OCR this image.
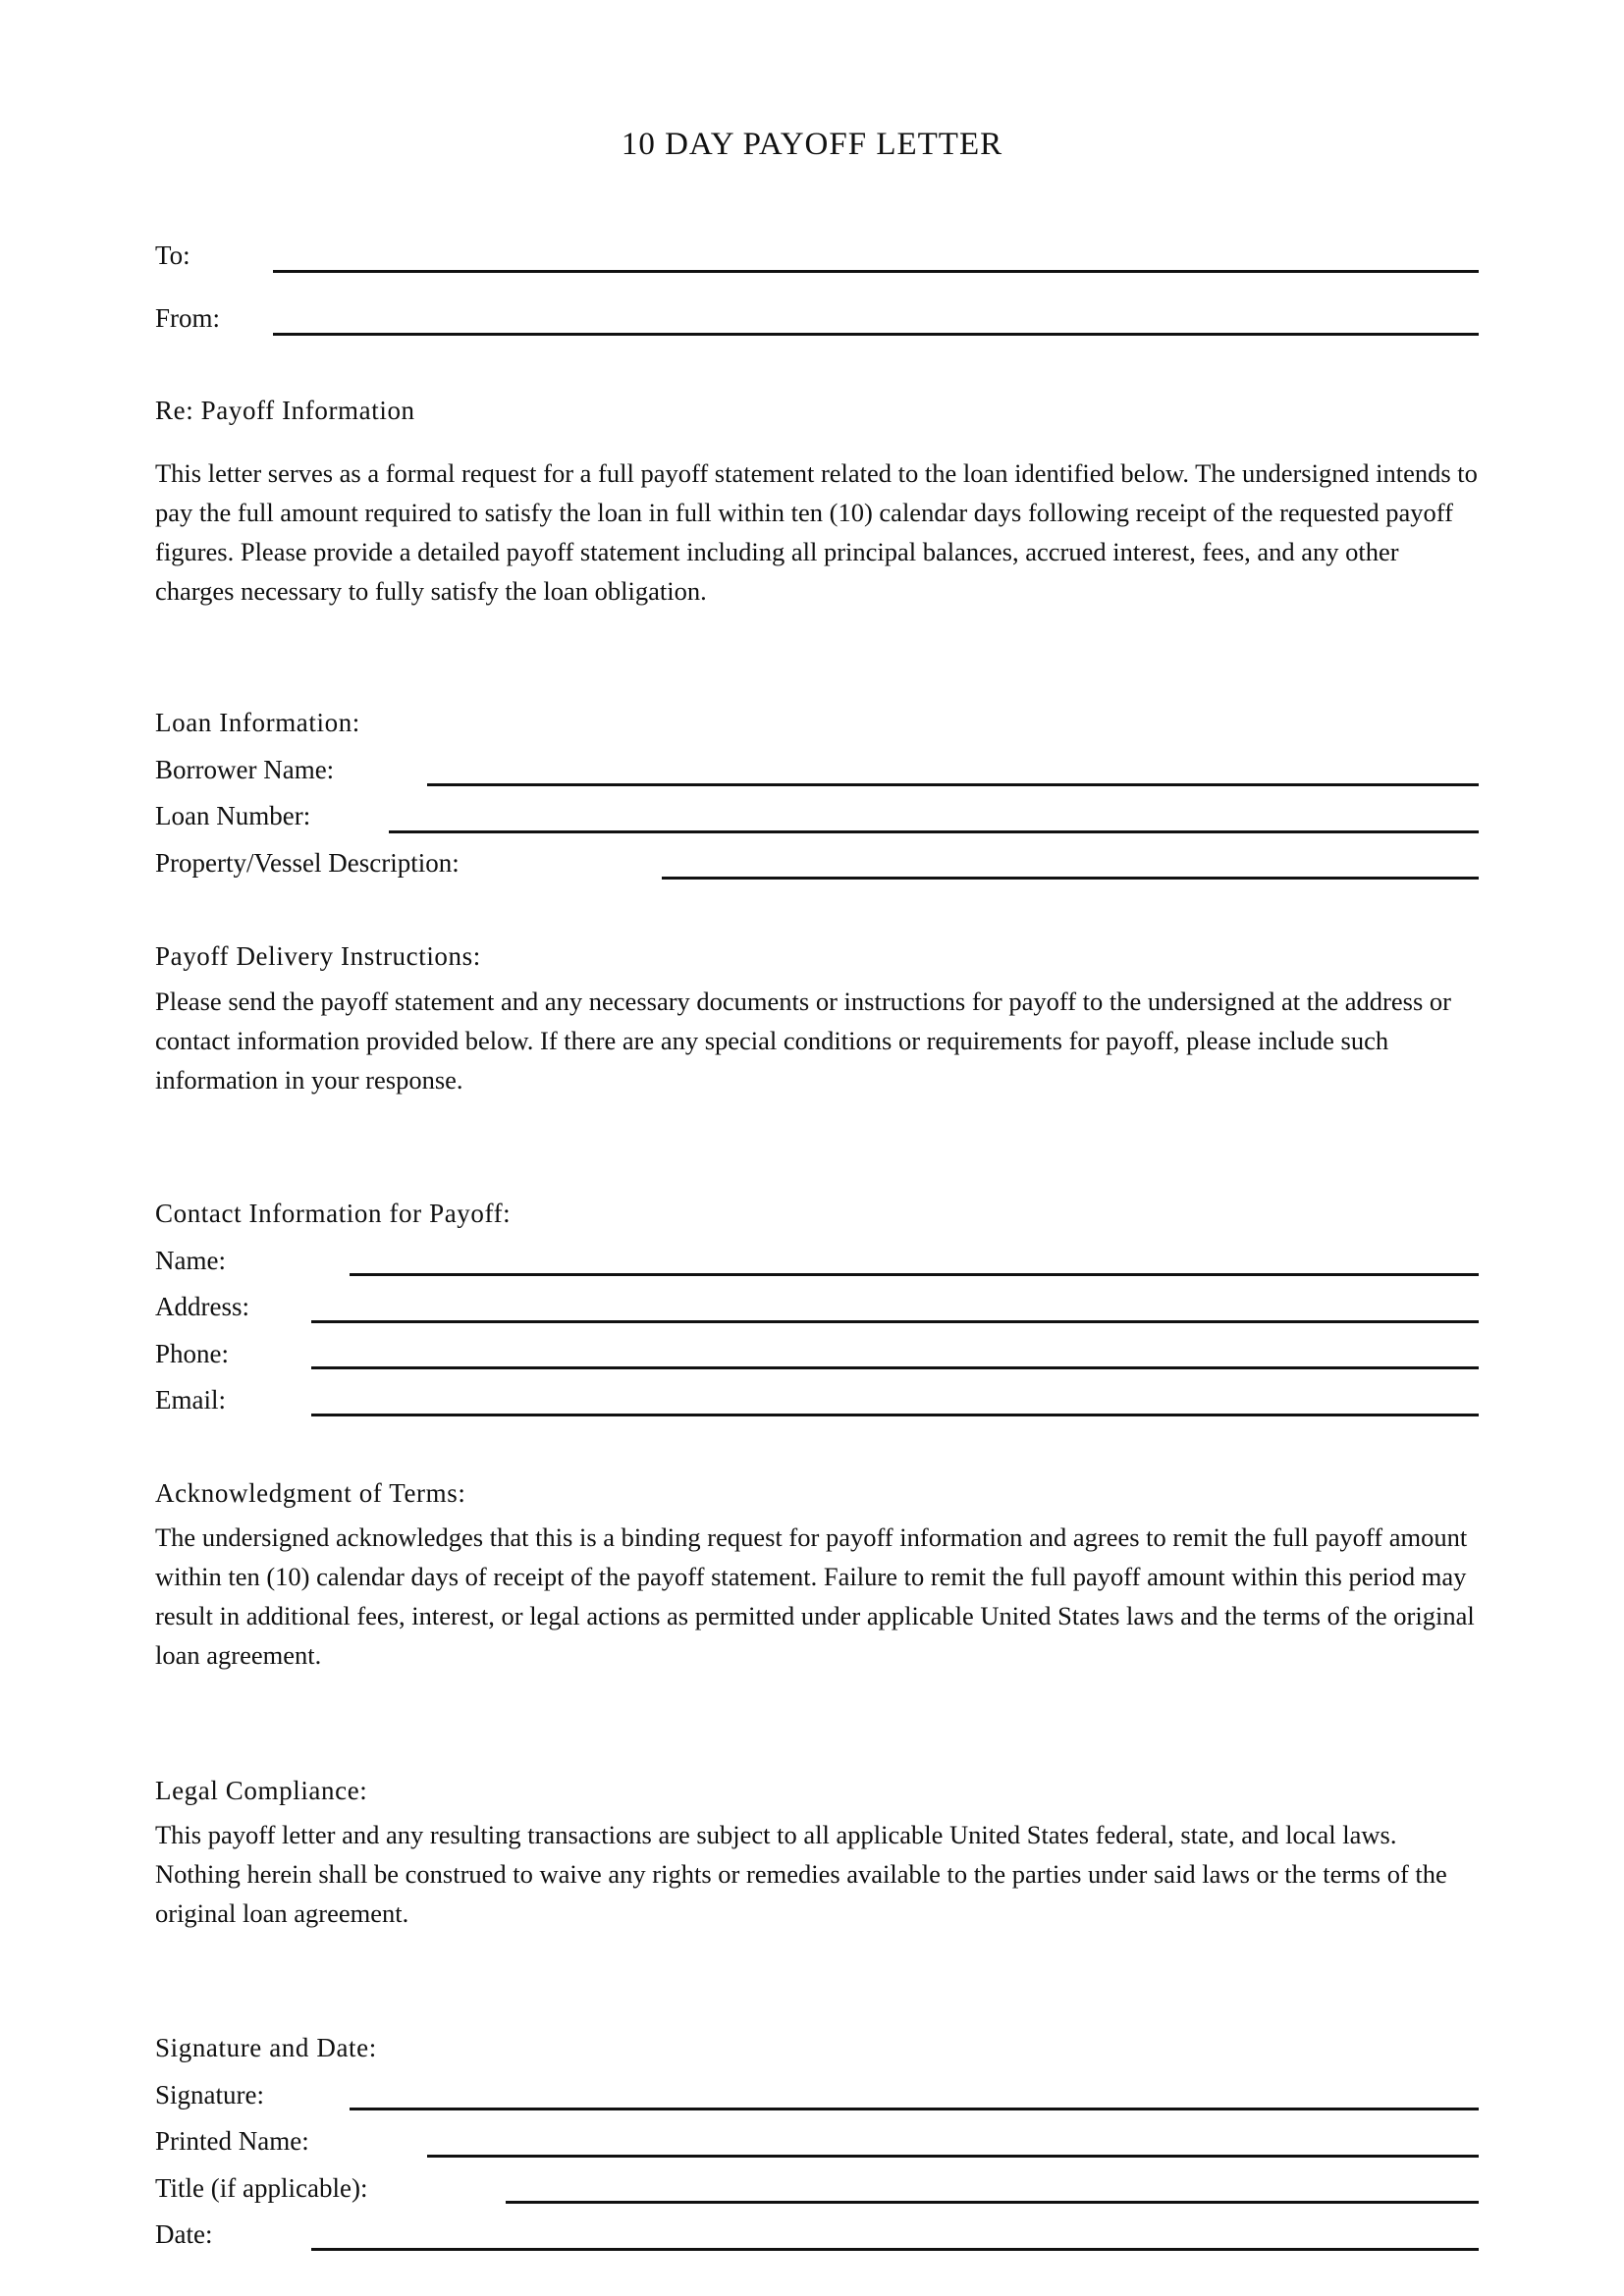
10 DAY PAYOFF LETTER
To:
From:
Re: Payoff Information

This letter serves as a formal request for a full payoff statement related to the loan identified below. The undersigned intends to pay the full amount required to satisfy the loan in full within ten (10) calendar days following receipt of the requested payoff figures. Please provide a detailed payoff statement including all principal balances, accrued interest, fees, and any other charges necessary to fully satisfy the loan obligation.

Loan Information:
Borrower Name:
Loan Number:
Property/Vessel Description:
Payoff Delivery Instructions:

Please send the payoff statement and any necessary documents or instructions for payoff to the undersigned at the address or contact information provided below. If there are any special conditions or requirements for payoff, please include such information in your response.

Contact Information for Payoff:
Name:
Address:
Phone:
Email:
Acknowledgment of Terms:

The undersigned acknowledges that this is a binding request for payoff information and agrees to remit the full payoff amount within ten (10) calendar days of receipt of the payoff statement. Failure to remit the full payoff amount within this period may result in additional fees, interest, or legal actions as permitted under applicable United States laws and the terms of the original loan agreement.

Legal Compliance:

This payoff letter and any resulting transactions are subject to all applicable United States federal, state, and local laws. Nothing herein shall be construed to waive any rights or remedies available to the parties under said laws or the terms of the original loan agreement.

Signature and Date:
Signature:
Printed Name:
Title (if applicable):
Date:
